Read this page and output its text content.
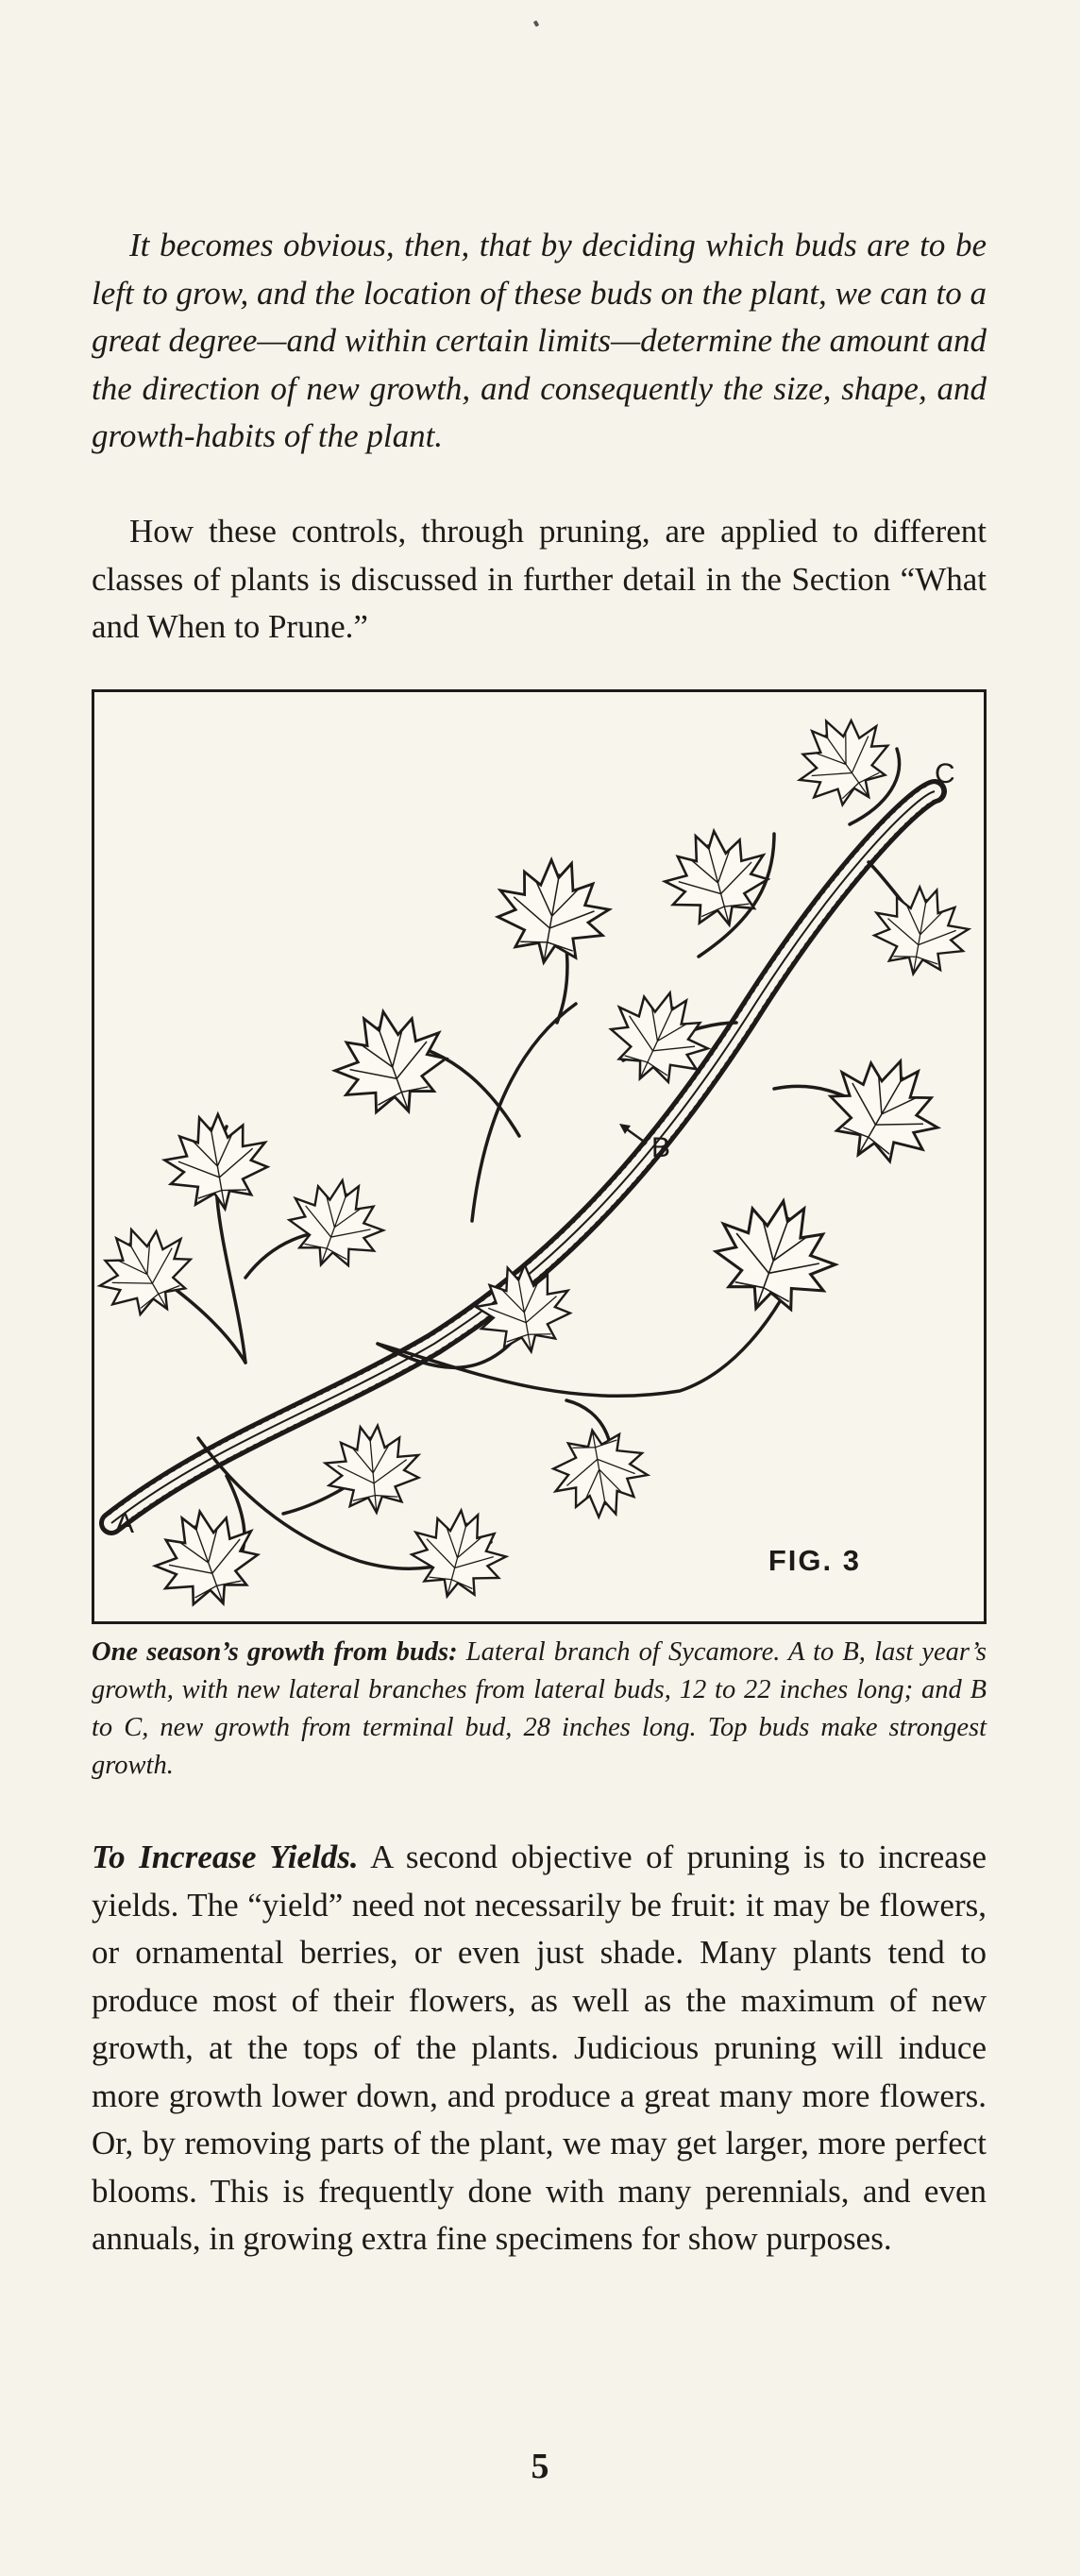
It becomes obvious, then, that by deciding which buds are to be left to grow, and the location of these buds on the plant, we can to a great degree—and within certain limits—determine the amount and the direction of new growth, and consequently the size, shape, and growth-habits of the plant.

How these controls, through pruning, are applied to different classes of plants is discussed in further detail in the Section “What and When to Prune.”

A
B
C
FIG. 3

One season’s growth from buds: Lateral branch of Sycamore. A to B, last year’s growth, with new lateral branches from lateral buds, 12 to 22 inches long; and B to C, new growth from terminal bud, 28 inches long. Top buds make strongest growth.

To Increase Yields. A second objective of pruning is to increase yields. The “yield” need not necessarily be fruit: it may be flowers, or ornamental berries, or even just shade. Many plants tend to produce most of their flowers, as well as the maximum of new growth, at the tops of the plants. Judicious pruning will induce more growth lower down, and produce a great many more flowers. Or, by removing parts of the plant, we may get larger, more perfect blooms. This is frequently done with many perennials, and even annuals, in growing extra fine specimens for show purposes.

5
